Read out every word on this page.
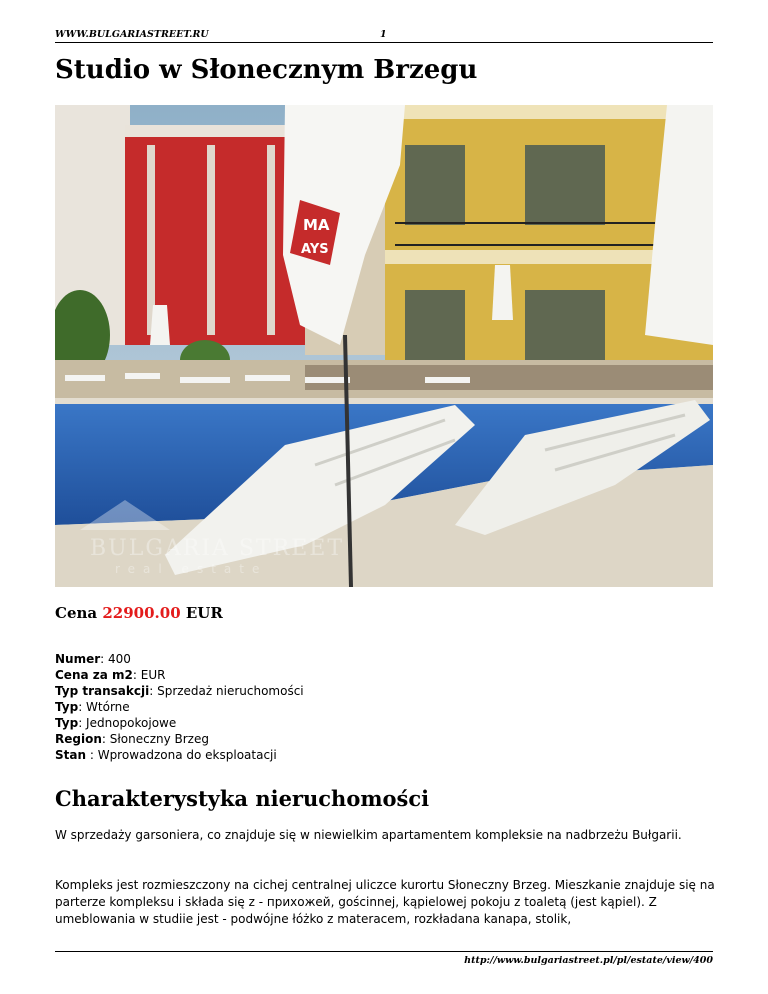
WWW.BULGARIASTREET.RU	1
Studio w Słonecznym Brzegu
MA
AYS
BULGARIA STREET
real estate
Cena 22900.00 EUR
Numer: 400
Cena za m2: EUR
Typ transakcji: Sprzedaż nieruchomości
Typ: Wtórne
Typ: Jednopokojowe
Region: Słoneczny Brzeg
Stan : Wprowadzona do eksploatacji
Charakterystyka nieruchomości

W sprzedaży garsoniera, co znajduje się w niewielkim apartamentem kompleksie na nadbrzeżu Bułgarii.

Kompleks jest rozmieszczony na cichej centralnej uliczce kurortu Słoneczny Brzeg. Mieszkanie znajduje się na parterze kompleksu i składa się z - прихожей, gościnnej, kąpielowej pokoju z toaletą (jest kąpiel). Z umeblowania w studiie jest - podwójne łóżko z materacem, rozkładana kanapa, stolik,

http://www.bulgariastreet.pl/pl/estate/view/400
